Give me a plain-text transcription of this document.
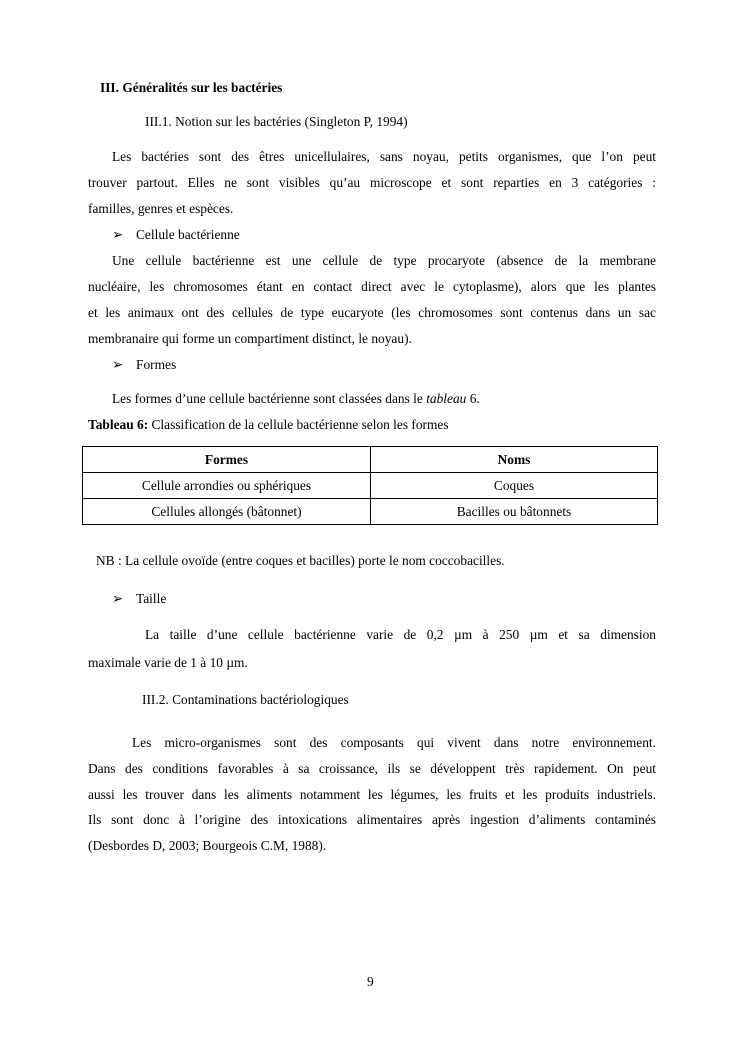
III. Généralités sur les bactéries
III.1. Notion sur les bactéries (Singleton P, 1994)
Les bactéries sont des êtres unicellulaires, sans noyau, petits organismes, que l’on peut
trouver partout. Elles ne sont visibles qu’au microscope et sont reparties en 3 catégories :
familles, genres et espèces.
➢ Cellule bactérienne
Une cellule bactérienne est une cellule de type procaryote (absence de la membrane
nucléaire, les chromosomes étant en contact direct avec le cytoplasme), alors que les plantes
et les animaux ont des cellules de type eucaryote (les chromosomes sont contenus dans un sac
membranaire qui forme un compartiment distinct, le noyau).
➢ Formes
Les formes d’une cellule bactérienne sont classées dans le tableau 6.
Tableau 6: Classification de la cellule bactérienne selon les formes
Formes	Noms
Cellule arrondies ou sphériques	Coques
Cellules allongés (bâtonnet)	Bacilles ou bâtonnets
NB : La cellule ovoïde (entre coques et bacilles) porte le nom coccobacilles.
➢ Taille
La taille d’une cellule bactérienne varie de 0,2 µm à 250 µm et sa dimension
maximale varie de 1 à 10 µm.
III.2. Contaminations bactériologiques
Les micro-organismes sont des composants qui vivent dans notre environnement.
Dans des conditions favorables à sa croissance, ils se développent très rapidement. On peut
aussi les trouver dans les aliments notamment les légumes, les fruits et les produits industriels.
Ils sont donc à l’origine des intoxications alimentaires après ingestion d’aliments contaminés
(Desbordes D, 2003; Bourgeois C.M, 1988).
9
